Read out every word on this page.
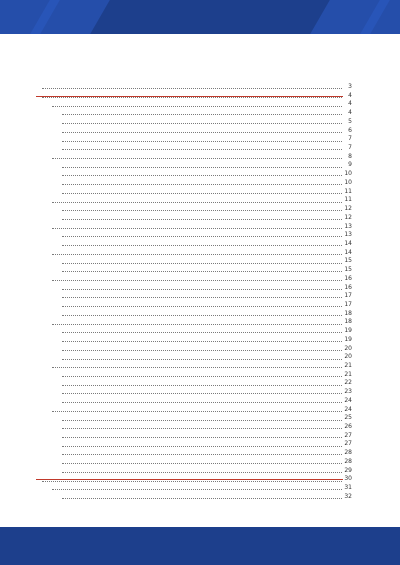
3
4
4
4
5
6
7
7
8
9
10
10
11
11
12
12
13
13
14
14
15
15
16
16
17
17
18
18
19
19
20
20
21
21
22
23
24
24
25
26
27
27
28
28
29
30
31
32
